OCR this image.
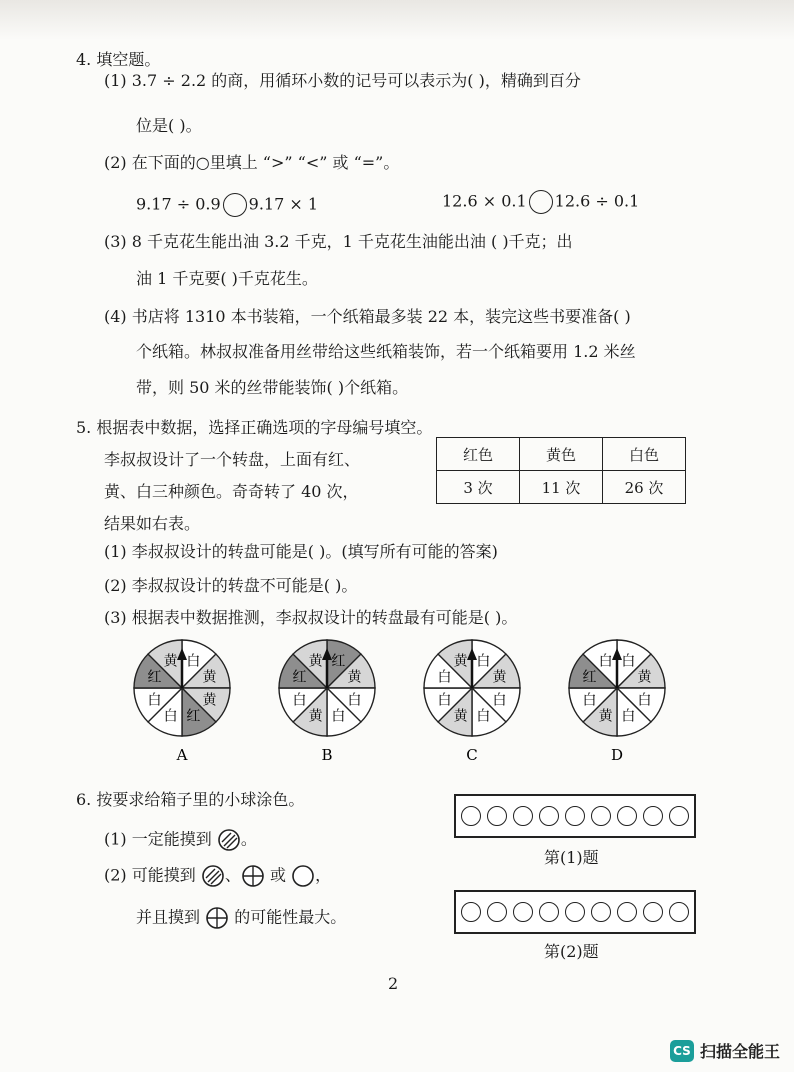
4. 填空题。
(1) 3.7 ÷ 2.2 的商，用循环小数的记号可以表示为( )，精确到百分
位是( )。
(2) 在下面的○里填上 “>” “<” 或 “=”。
9.17 ÷ 0.9 9.17 × 1	12.6 × 0.1 12.6 ÷ 0.1
(3) 8 千克花生能出油 3.2 千克，1 千克花生油能出油 ( )千克；出
油 1 千克要( )千克花生。
(4) 书店将 1310 本书装箱，一个纸箱最多装 22 本，装完这些书要准备( )
个纸箱。林叔叔准备用丝带给这些纸箱装饰，若一个纸箱要用 1.2 米丝
带，则 50 米的丝带能装饰( )个纸箱。
5. 根据表中数据，选择正确选项的字母编号填空。
李叔叔设计了一个转盘，上面有红、
黄、白三种颜色。奇奇转了 40 次，
结果如右表。
红色	黄色	白色
3 次	11 次	26 次
(1) 李叔叔设计的转盘可能是( )。(填写所有可能的答案)
(2) 李叔叔设计的转盘不可能是( )。
(3) 根据表中数据推测，李叔叔设计的转盘最有可能是( )。
白
黄
黄
红
白
白
红
黄
A
红
黄
白
白
黄
白
红
黄
B
白
黄
白
白
黄
白
白
黄
C
白
黄
白
白
黄
白
红
白
D
6. 按要求给箱子里的小球涂色。
(1) 一定能摸到 。
(2) 可能摸到 、 或 ，
并且摸到 的可能性最大。
第(1)题
第(2)题
2
CS 扫描全能王
